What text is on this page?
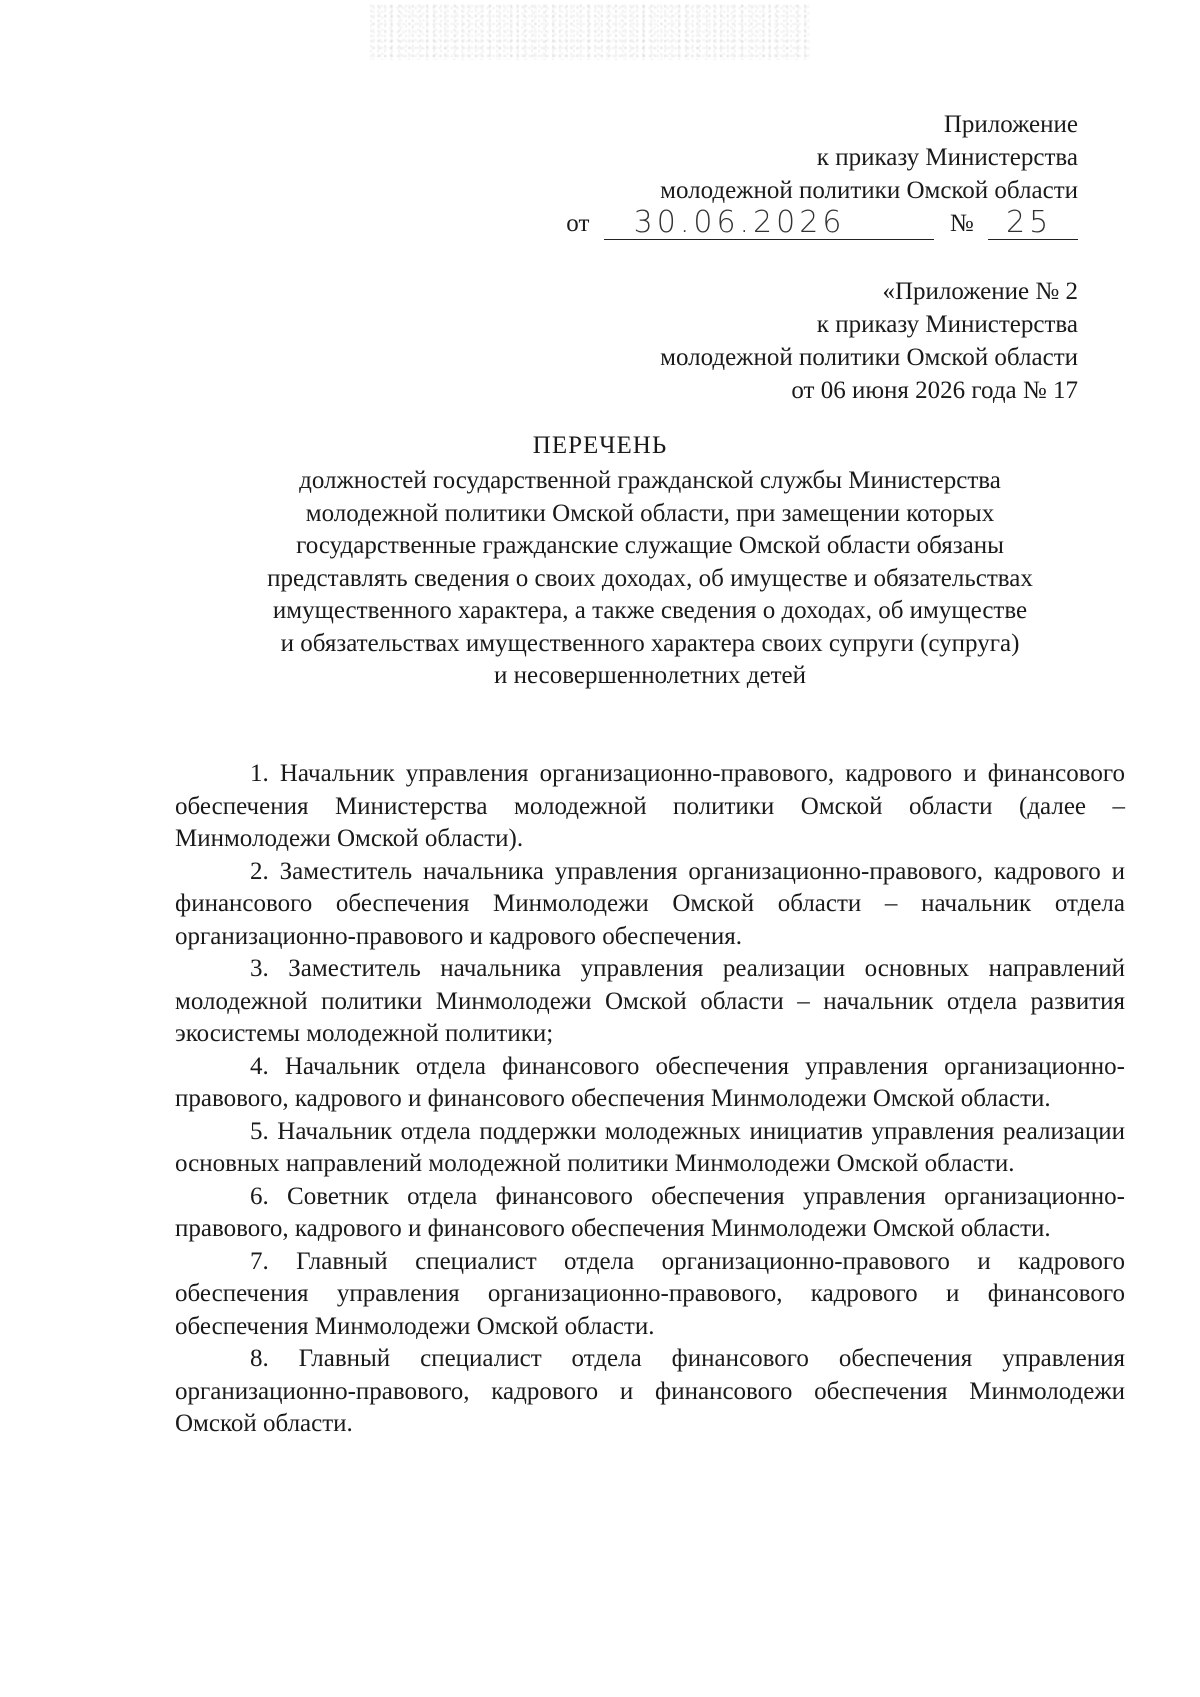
Приложение
к приказу Министерства
молодежной политики Омской области
от 30.06.2026	№ 25
«Приложение № 2
к приказу Министерства
молодежной политики Омской области
от 06 июня 2026 года № 17
ПЕРЕЧЕНЬ
должностей государственной гражданской службы Министерства
молодежной политики Омской области, при замещении которых
государственные гражданские служащие Омской области обязаны
представлять сведения о своих доходах, об имуществе и обязательствах
имущественного характера, а также сведения о доходах, об имуществе
и обязательствах имущественного характера своих супруги (супруга)
и несовершеннолетних детей

1. Начальник управления организационно-правового, кадрового и финансового обеспечения Министерства молодежной политики Омской области (далее – Минмолодежи Омской области).

2. Заместитель начальника управления организационно-правового, кадрового и финансового обеспечения Минмолодежи Омской области – начальник отдела организационно-правового и кадрового обеспечения.

3. Заместитель начальника управления реализации основных направлений молодежной политики Минмолодежи Омской области – начальник отдела развития экосистемы молодежной политики;

4. Начальник отдела финансового обеспечения управления организационно-правового, кадрового и финансового обеспечения Минмолодежи Омской области.

5. Начальник отдела поддержки молодежных инициатив управления реализации основных направлений молодежной политики Минмолодежи Омской области.

6. Советник отдела финансового обеспечения управления организационно-правового, кадрового и финансового обеспечения Минмолодежи Омской области.

7. Главный специалист отдела организационно-правового и кадрового обеспечения управления организационно-правового, кадрового и финансового обеспечения Минмолодежи Омской области.

8. Главный специалист отдела финансового обеспечения управления организационно-правового, кадрового и финансового обеспечения Минмолодежи Омской области.
